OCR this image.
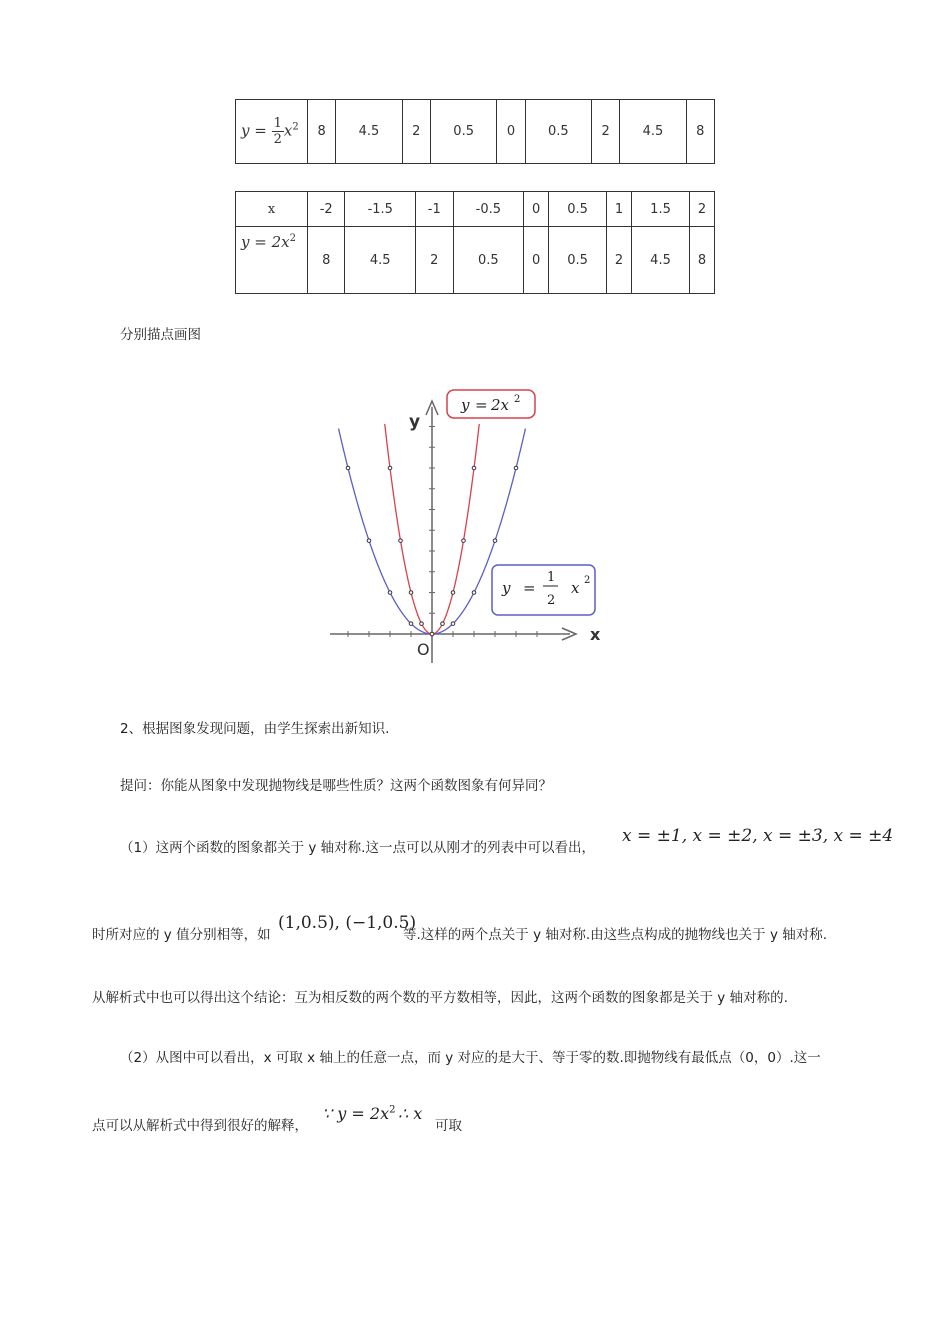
$y = \frac{1}{2} x^2$	8	4.5	2	0.5	0	0.5	2	4.5	8
x	-2	-1.5	-1	-0.5	0	0.5	1	1.5	2
$y = 2x^2$	8	4.5	2	0.5	0	0.5	2	4.5	8
分别描点画图
y = 2x 2
y =
1
2
x 2
y
x
O
2、根据图象发现问题，由学生探索出新知识.
提问：你能从图象中发现抛物线是哪些性质？这两个函数图象有何异同？
（1）这两个函数的图象都关于 y 轴对称.这一点可以从刚才的列表中可以看出，
x = ±1, x = ±2, x = ±3, x = ±4
时所对应的 y 值分别相等，如
(1,0.5), (−1,0.5)
等.这样的两个点关于 y 轴对称.由这些点构成的抛物线也关于 y 轴对称.
从解析式中也可以得出这个结论：互为相反数的两个数的平方数相等，因此，这两个函数的图象都是关于 y 轴对称的.
（2）从图中可以看出，x 可取 x 轴上的任意一点，而 y 对应的是大于、等于零的数.即抛物线有最低点（0，0）.这一
点可以从解析式中得到很好的解释，
∵ $y = 2x^2$ ∴ x
可取
